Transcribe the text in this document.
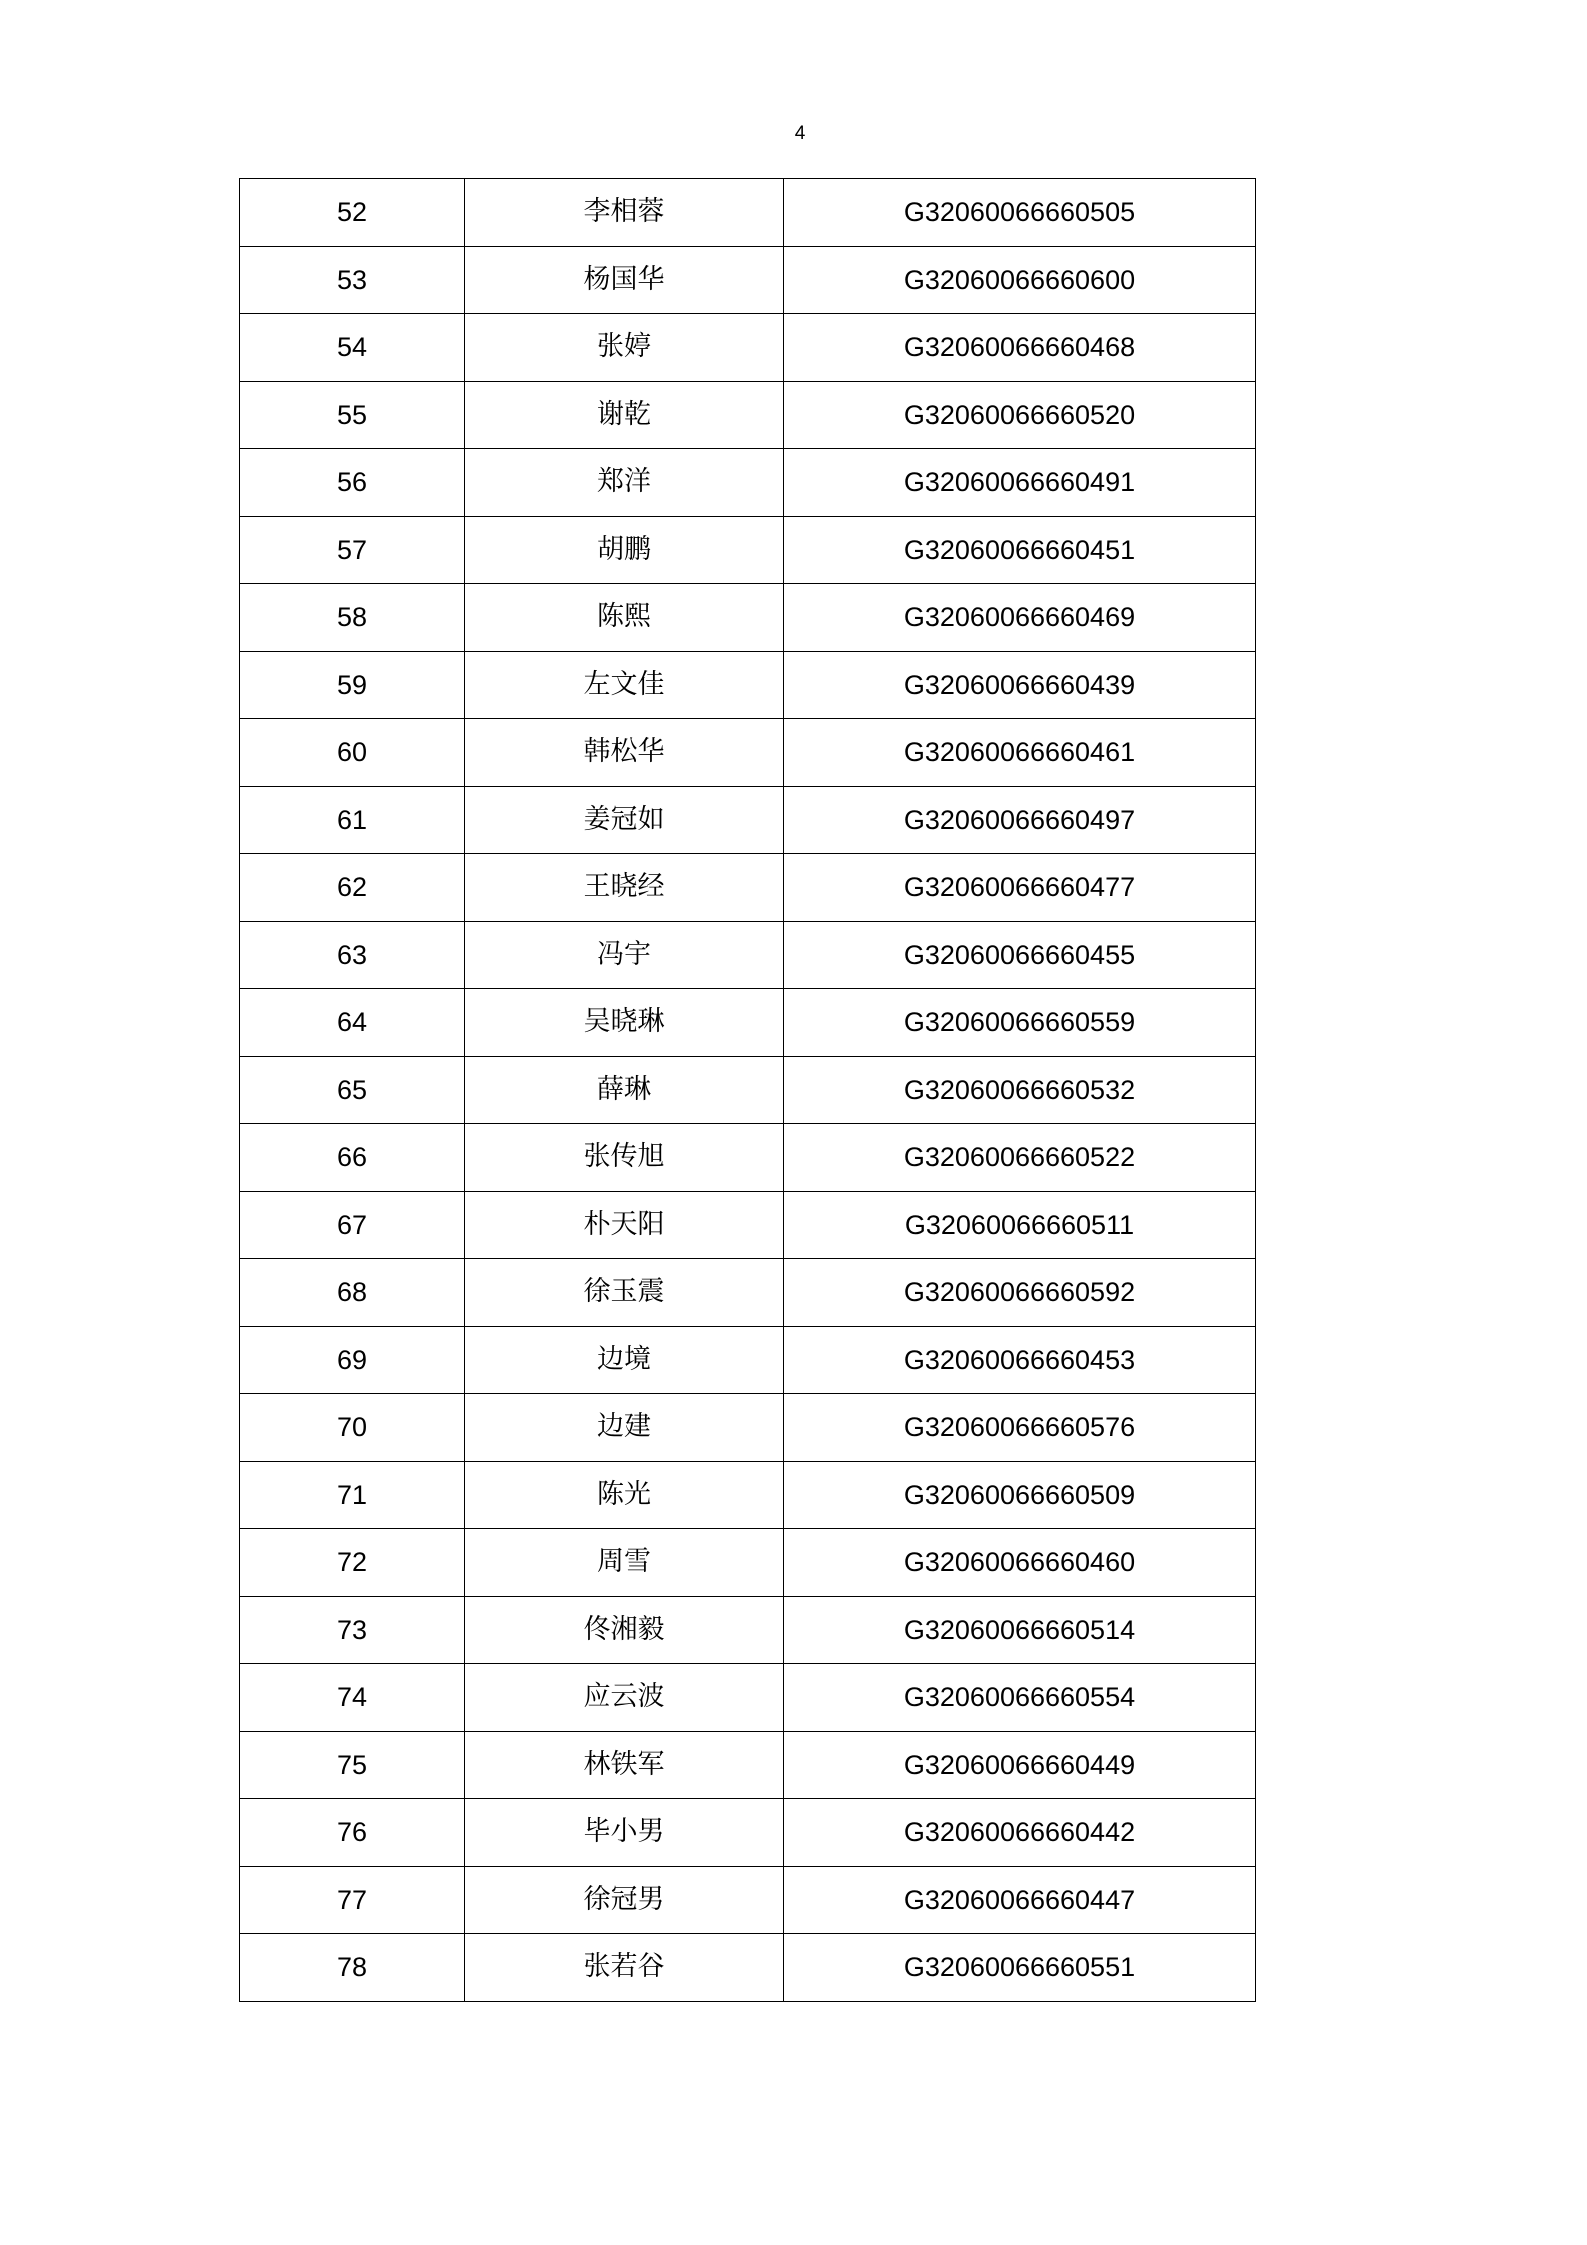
4
52	李相蓉	G32060066660505
53	杨国华	G32060066660600
54	张婷	G32060066660468
55	谢乾	G32060066660520
56	郑洋	G32060066660491
57	胡鹏	G32060066660451
58	陈熙	G32060066660469
59	左文佳	G32060066660439
60	韩松华	G32060066660461
61	姜冠如	G32060066660497
62	王晓经	G32060066660477
63	冯宇	G32060066660455
64	吴晓琳	G32060066660559
65	薛琳	G32060066660532
66	张传旭	G32060066660522
67	朴天阳	G32060066660511
68	徐玉震	G32060066660592
69	边境	G32060066660453
70	边建	G32060066660576
71	陈光	G32060066660509
72	周雪	G32060066660460
73	佟湘毅	G32060066660514
74	应云波	G32060066660554
75	林铁军	G32060066660449
76	毕小男	G32060066660442
77	徐冠男	G32060066660447
78	张若谷	G32060066660551
